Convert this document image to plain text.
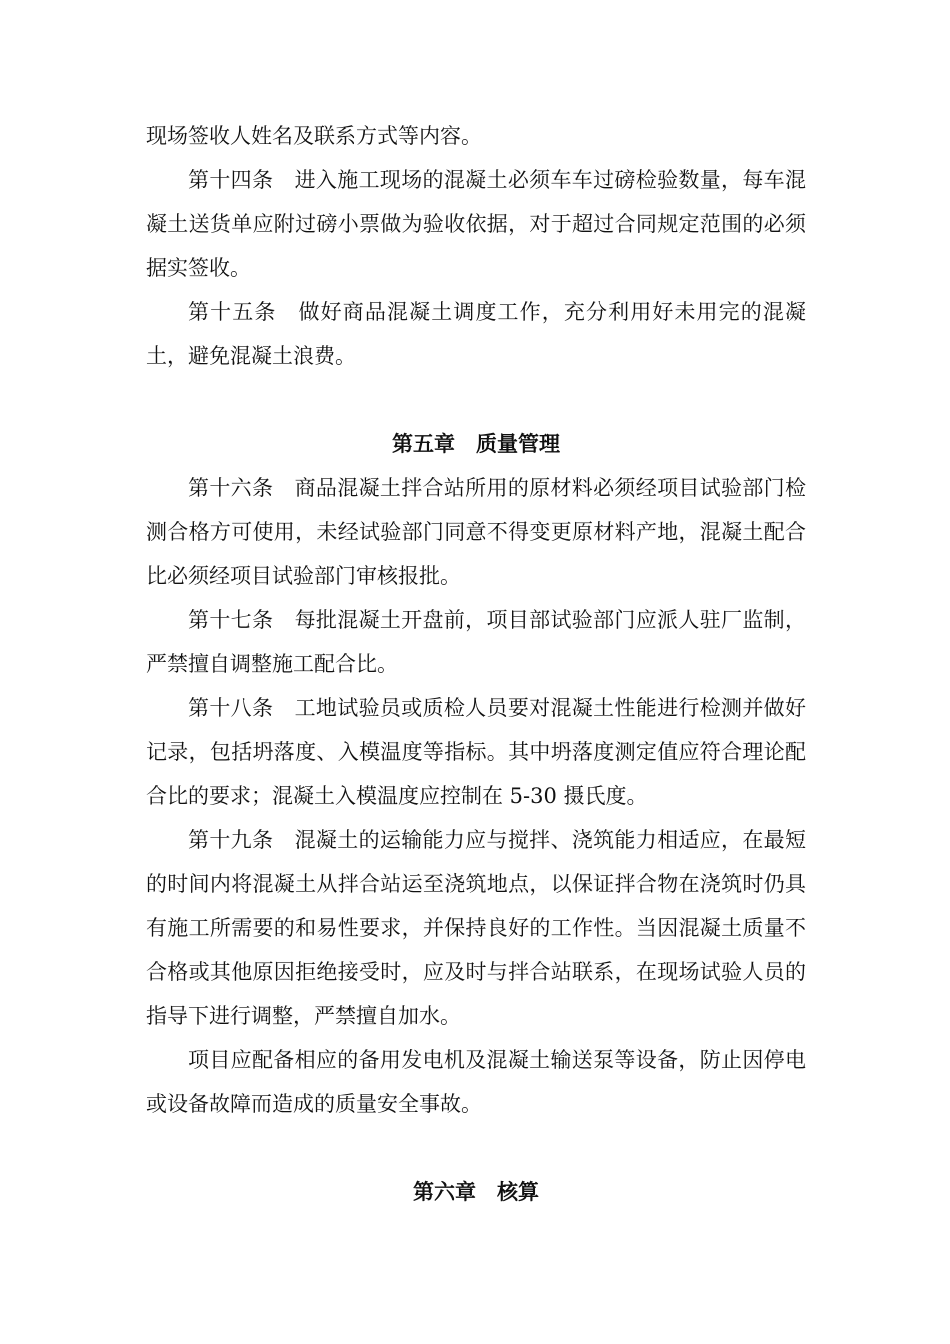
现场签收人姓名及联系方式等内容。

第十四条　进入施工现场的混凝土必须车车过磅检验数量，每车混凝土送货单应附过磅小票做为验收依据，对于超过合同规定范围的必须据实签收。

第十五条　做好商品混凝土调度工作，充分利用好未用完的混凝土，避免混凝土浪费。

第五章　质量管理

第十六条　商品混凝土拌合站所用的原材料必须经项目试验部门检测合格方可使用，未经试验部门同意不得变更原材料产地，混凝土配合比必须经项目试验部门审核报批。

第十七条　每批混凝土开盘前，项目部试验部门应派人驻厂监制，严禁擅自调整施工配合比。

第十八条　工地试验员或质检人员要对混凝土性能进行检测并做好记录，包括坍落度、入模温度等指标。其中坍落度测定值应符合理论配合比的要求；混凝土入模温度应控制在 5-30 摄氏度。

第十九条　混凝土的运输能力应与搅拌、浇筑能力相适应，在最短的时间内将混凝土从拌合站运至浇筑地点，以保证拌合物在浇筑时仍具有施工所需要的和易性要求，并保持良好的工作性。当因混凝土质量不合格或其他原因拒绝接受时，应及时与拌合站联系，在现场试验人员的指导下进行调整，严禁擅自加水。

项目应配备相应的备用发电机及混凝土输送泵等设备，防止因停电或设备故障而造成的质量安全事故。

第六章　核算
